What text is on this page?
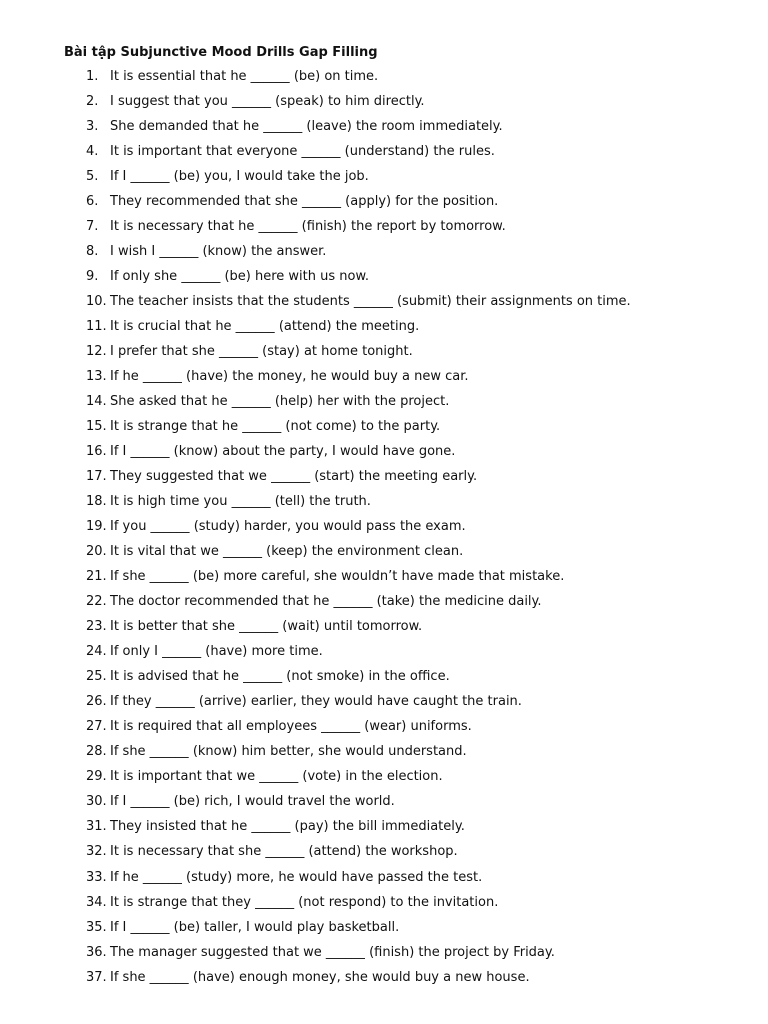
Bài tập Subjunctive Mood Drills Gap Filling
1. It is essential that he ______ (be) on time.
2. I suggest that you ______ (speak) to him directly.
3. She demanded that he ______ (leave) the room immediately.
4. It is important that everyone ______ (understand) the rules.
5. If I ______ (be) you, I would take the job.
6. They recommended that she ______ (apply) for the position.
7. It is necessary that he ______ (finish) the report by tomorrow.
8. I wish I ______ (know) the answer.
9. If only she ______ (be) here with us now.
10. The teacher insists that the students ______ (submit) their assignments on time.
11. It is crucial that he ______ (attend) the meeting.
12. I prefer that she ______ (stay) at home tonight.
13. If he ______ (have) the money, he would buy a new car.
14. She asked that he ______ (help) her with the project.
15. It is strange that he ______ (not come) to the party.
16. If I ______ (know) about the party, I would have gone.
17. They suggested that we ______ (start) the meeting early.
18. It is high time you ______ (tell) the truth.
19. If you ______ (study) harder, you would pass the exam.
20. It is vital that we ______ (keep) the environment clean.
21. If she ______ (be) more careful, she wouldn’t have made that mistake.
22. The doctor recommended that he ______ (take) the medicine daily.
23. It is better that she ______ (wait) until tomorrow.
24. If only I ______ (have) more time.
25. It is advised that he ______ (not smoke) in the office.
26. If they ______ (arrive) earlier, they would have caught the train.
27. It is required that all employees ______ (wear) uniforms.
28. If she ______ (know) him better, she would understand.
29. It is important that we ______ (vote) in the election.
30. If I ______ (be) rich, I would travel the world.
31. They insisted that he ______ (pay) the bill immediately.
32. It is necessary that she ______ (attend) the workshop.
33. If he ______ (study) more, he would have passed the test.
34. It is strange that they ______ (not respond) to the invitation.
35. If I ______ (be) taller, I would play basketball.
36. The manager suggested that we ______ (finish) the project by Friday.
37. If she ______ (have) enough money, she would buy a new house.
